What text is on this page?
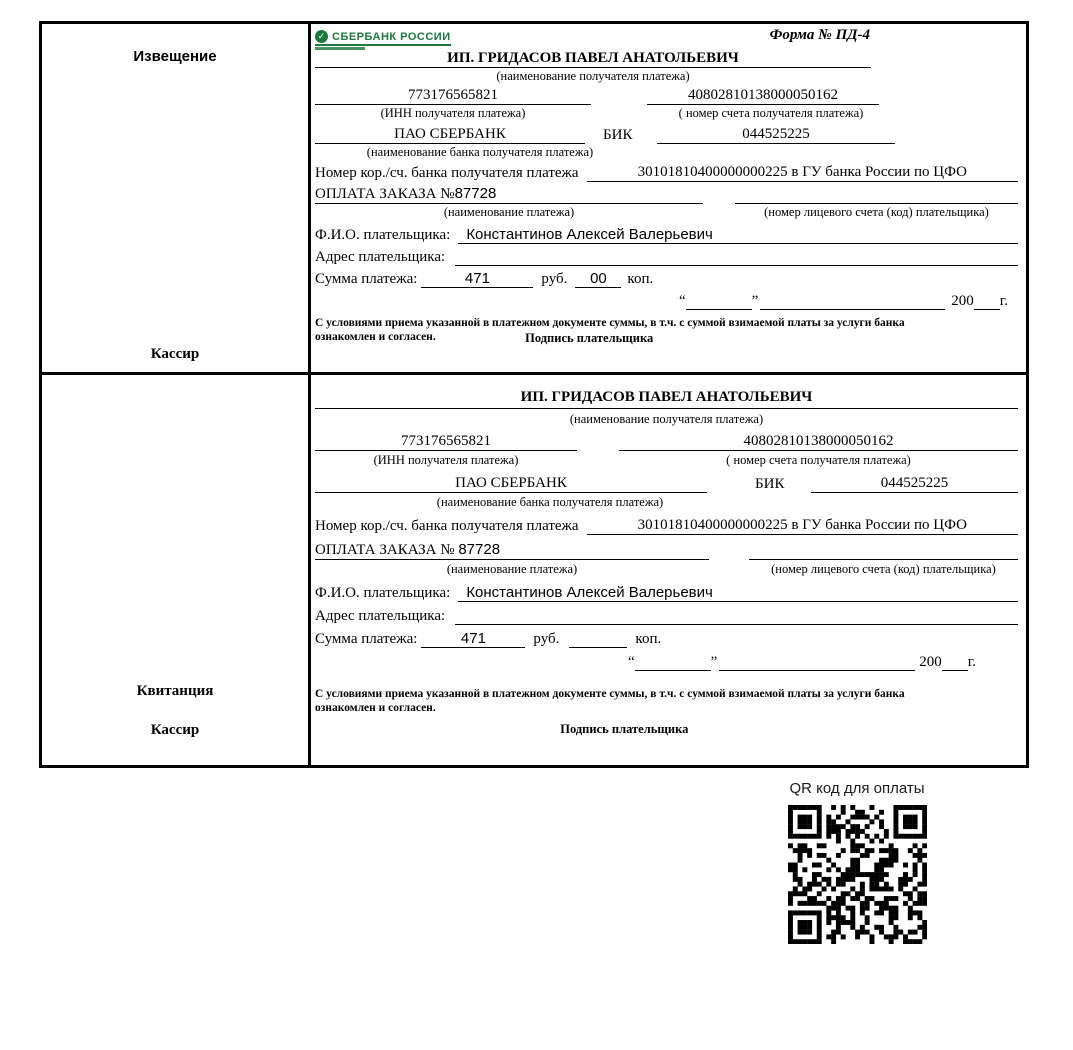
Извещение
Кассир
✓ СБЕРБАНК РОССИИ	Форма № ПД-4
ИП. ГРИДАСОВ ПАВЕЛ АНАТОЛЬЕВИЧ
(наименование получателя платежа)
773176565821	40802810138000050162
(ИНН получателя платежа)	( номер счета получателя платежа)
ПАО СБЕРБАНК	БИК	044525225
(наименование банка получателя платежа)
Номер кор./сч. банка получателя платежа	30101810400000000225 в ГУ банка России по ЦФО
ОПЛАТА ЗАКАЗА №87728
(наименование платежа)	(номер лицевого счета (код) плательщика)
Ф.И.О. плательщика:	Константинов Алексей Валерьевич
Адрес плательщика:
Сумма платежа:	471	руб.	00	коп.
“	”	200 г.
С условиями приема указанной в платежном документе суммы, в т.ч. с суммой взимаемой платы за услуги банка
ознакомлен и согласен.	Подпись плательщика
Квитанция
Кассир
ИП. ГРИДАСОВ ПАВЕЛ АНАТОЛЬЕВИЧ
(наименование получателя платежа)
773176565821	40802810138000050162
(ИНН получателя платежа)	( номер счета получателя платежа)
ПАО СБЕРБАНК	БИК	044525225
(наименование банка получателя платежа)
Номер кор./сч. банка получателя платежа	30101810400000000225 в ГУ банка России по ЦФО
ОПЛАТА ЗАКАЗА № 87728
(наименование платежа)	(номер лицевого счета (код) плательщика)
Ф.И.О. плательщика:	Константинов Алексей Валерьевич
Адрес плательщика:
Сумма платежа:	471	руб.	коп.
“	”	200 г.
С условиями приема указанной в платежном документе суммы, в т.ч. с суммой взимаемой платы за услуги банка
ознакомлен и согласен.
Подпись плательщика
QR код для оплаты
